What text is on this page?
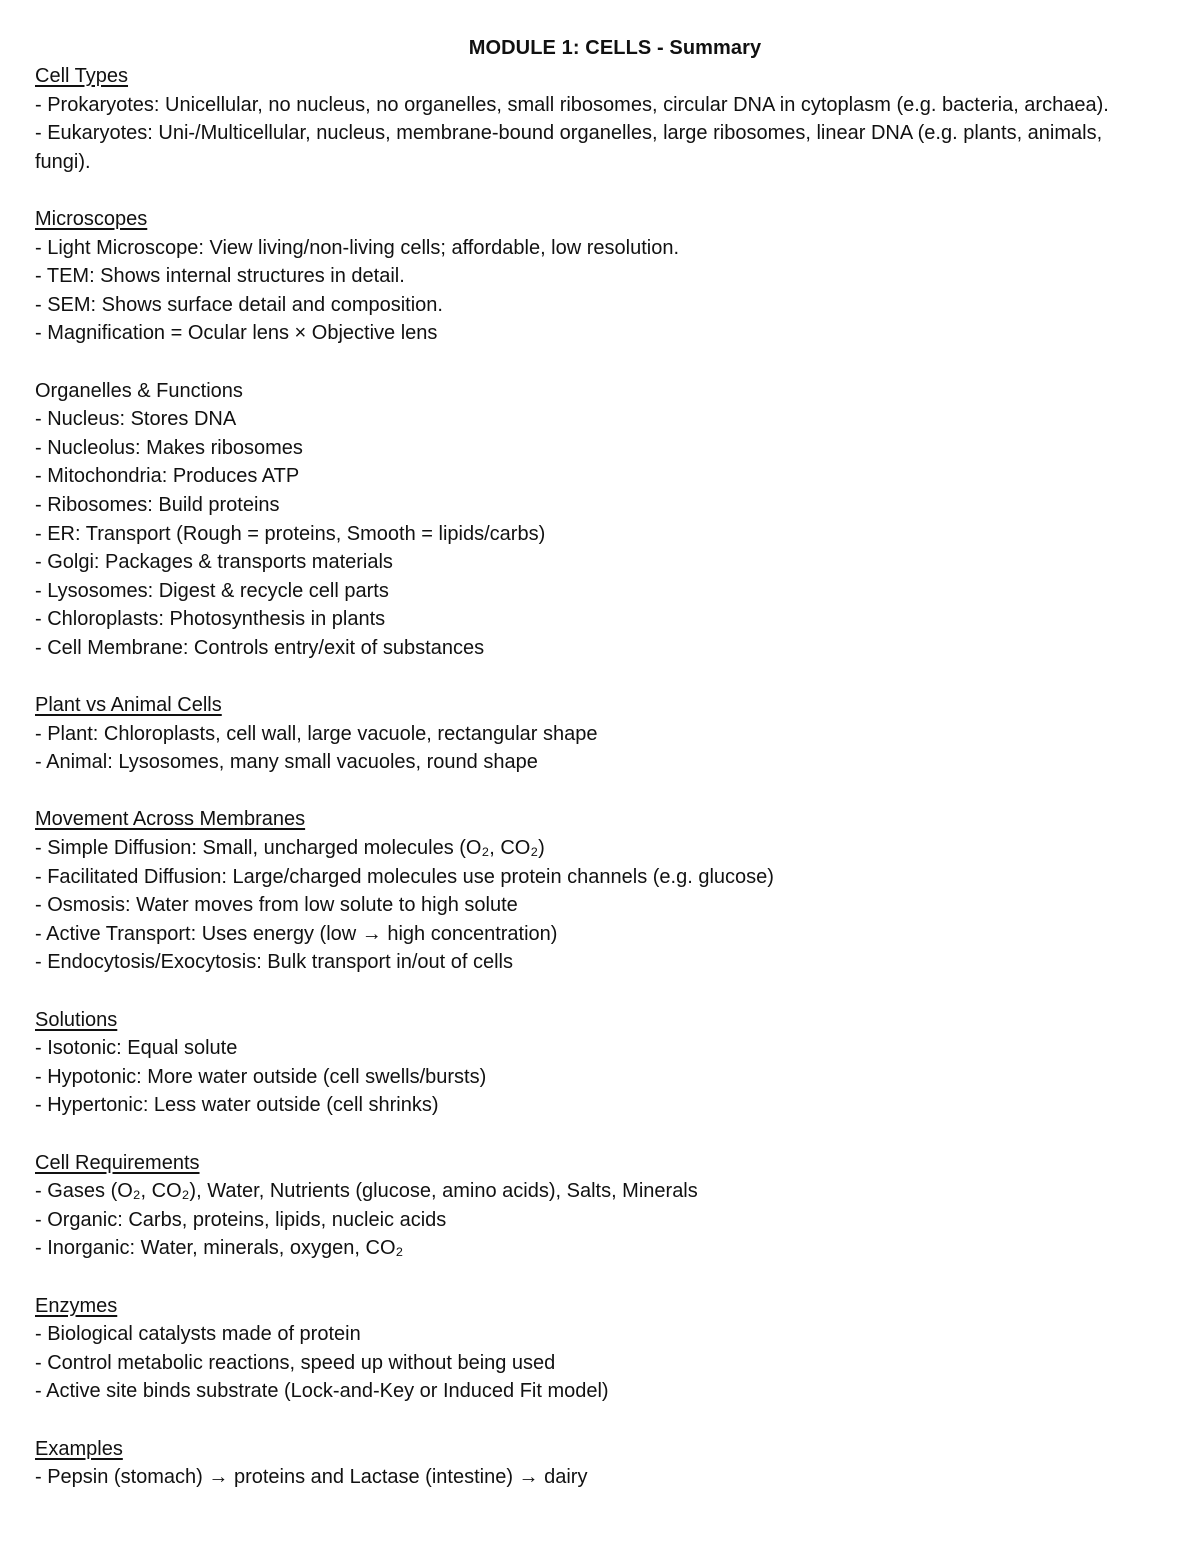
MODULE 1: CELLS - Summary

Cell Types

- Prokaryotes: Unicellular, no nucleus, no organelles, small ribosomes, circular DNA in cytoplasm (e.g. bacteria, archaea).

- Eukaryotes: Uni-/Multicellular, nucleus, membrane-bound organelles, large ribosomes, linear DNA (e.g. plants, animals, fungi).

Microscopes

- Light Microscope: View living/non-living cells; affordable, low resolution.

- TEM: Shows internal structures in detail.

- SEM: Shows surface detail and composition.

- Magnification = Ocular lens × Objective lens

Organelles & Functions

- Nucleus: Stores DNA

- Nucleolus: Makes ribosomes

- Mitochondria: Produces ATP

- Ribosomes: Build proteins

- ER: Transport (Rough = proteins, Smooth = lipids/carbs)

- Golgi: Packages & transports materials

- Lysosomes: Digest & recycle cell parts

- Chloroplasts: Photosynthesis in plants

- Cell Membrane: Controls entry/exit of substances

Plant vs Animal Cells

- Plant: Chloroplasts, cell wall, large vacuole, rectangular shape

- Animal: Lysosomes, many small vacuoles, round shape

Movement Across Membranes

- Simple Diffusion: Small, uncharged molecules (O₂, CO₂)

- Facilitated Diffusion: Large/charged molecules use protein channels (e.g. glucose)

- Osmosis: Water moves from low solute to high solute

- Active Transport: Uses energy (low → high concentration)

- Endocytosis/Exocytosis: Bulk transport in/out of cells

Solutions

- Isotonic: Equal solute

- Hypotonic: More water outside (cell swells/bursts)

- Hypertonic: Less water outside (cell shrinks)

Cell Requirements

- Gases (O₂, CO₂), Water, Nutrients (glucose, amino acids), Salts, Minerals

- Organic: Carbs, proteins, lipids, nucleic acids

- Inorganic: Water, minerals, oxygen, CO₂

Enzymes

- Biological catalysts made of protein

- Control metabolic reactions, speed up without being used

- Active site binds substrate (Lock-and-Key or Induced Fit model)

Examples

- Pepsin (stomach) → proteins and Lactase (intestine) → dairy
